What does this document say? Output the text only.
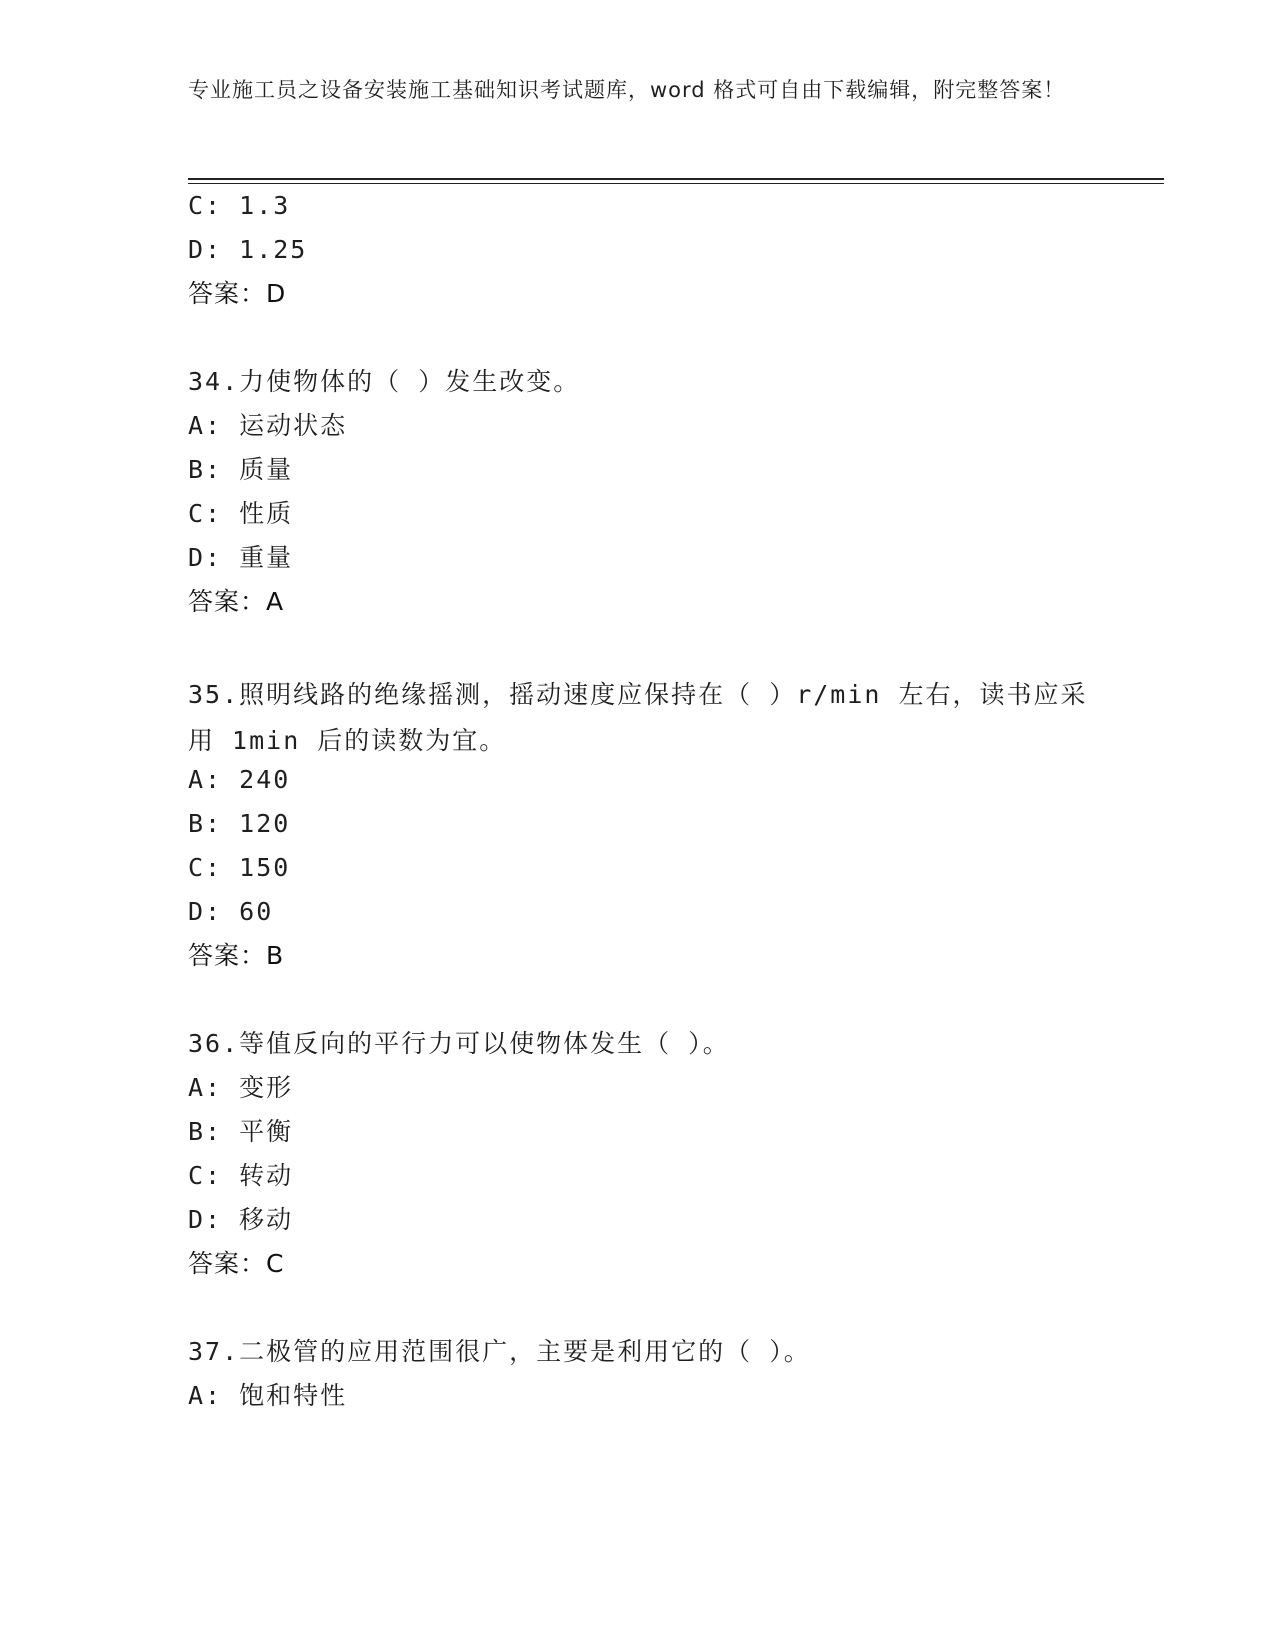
专业施工员之设备安装施工基础知识考试题库，word 格式可自由下载编辑，附完整答案！
C: 1.3
D: 1.25
答案：D
34.力使物体的（ ）发生改变。
A: 运动状态
B: 质量
C: 性质
D: 重量
答案：A
35.照明线路的绝缘摇测，摇动速度应保持在（ ）r/min 左右，读书应采用 1min 后的读数为宜。
A: 240
B: 120
C: 150
D: 60
答案：B
36.等值反向的平行力可以使物体发生（ ）。
A: 变形
B: 平衡
C: 转动
D: 移动
答案：C
37.二极管的应用范围很广，主要是利用它的（ ）。
A: 饱和特性
